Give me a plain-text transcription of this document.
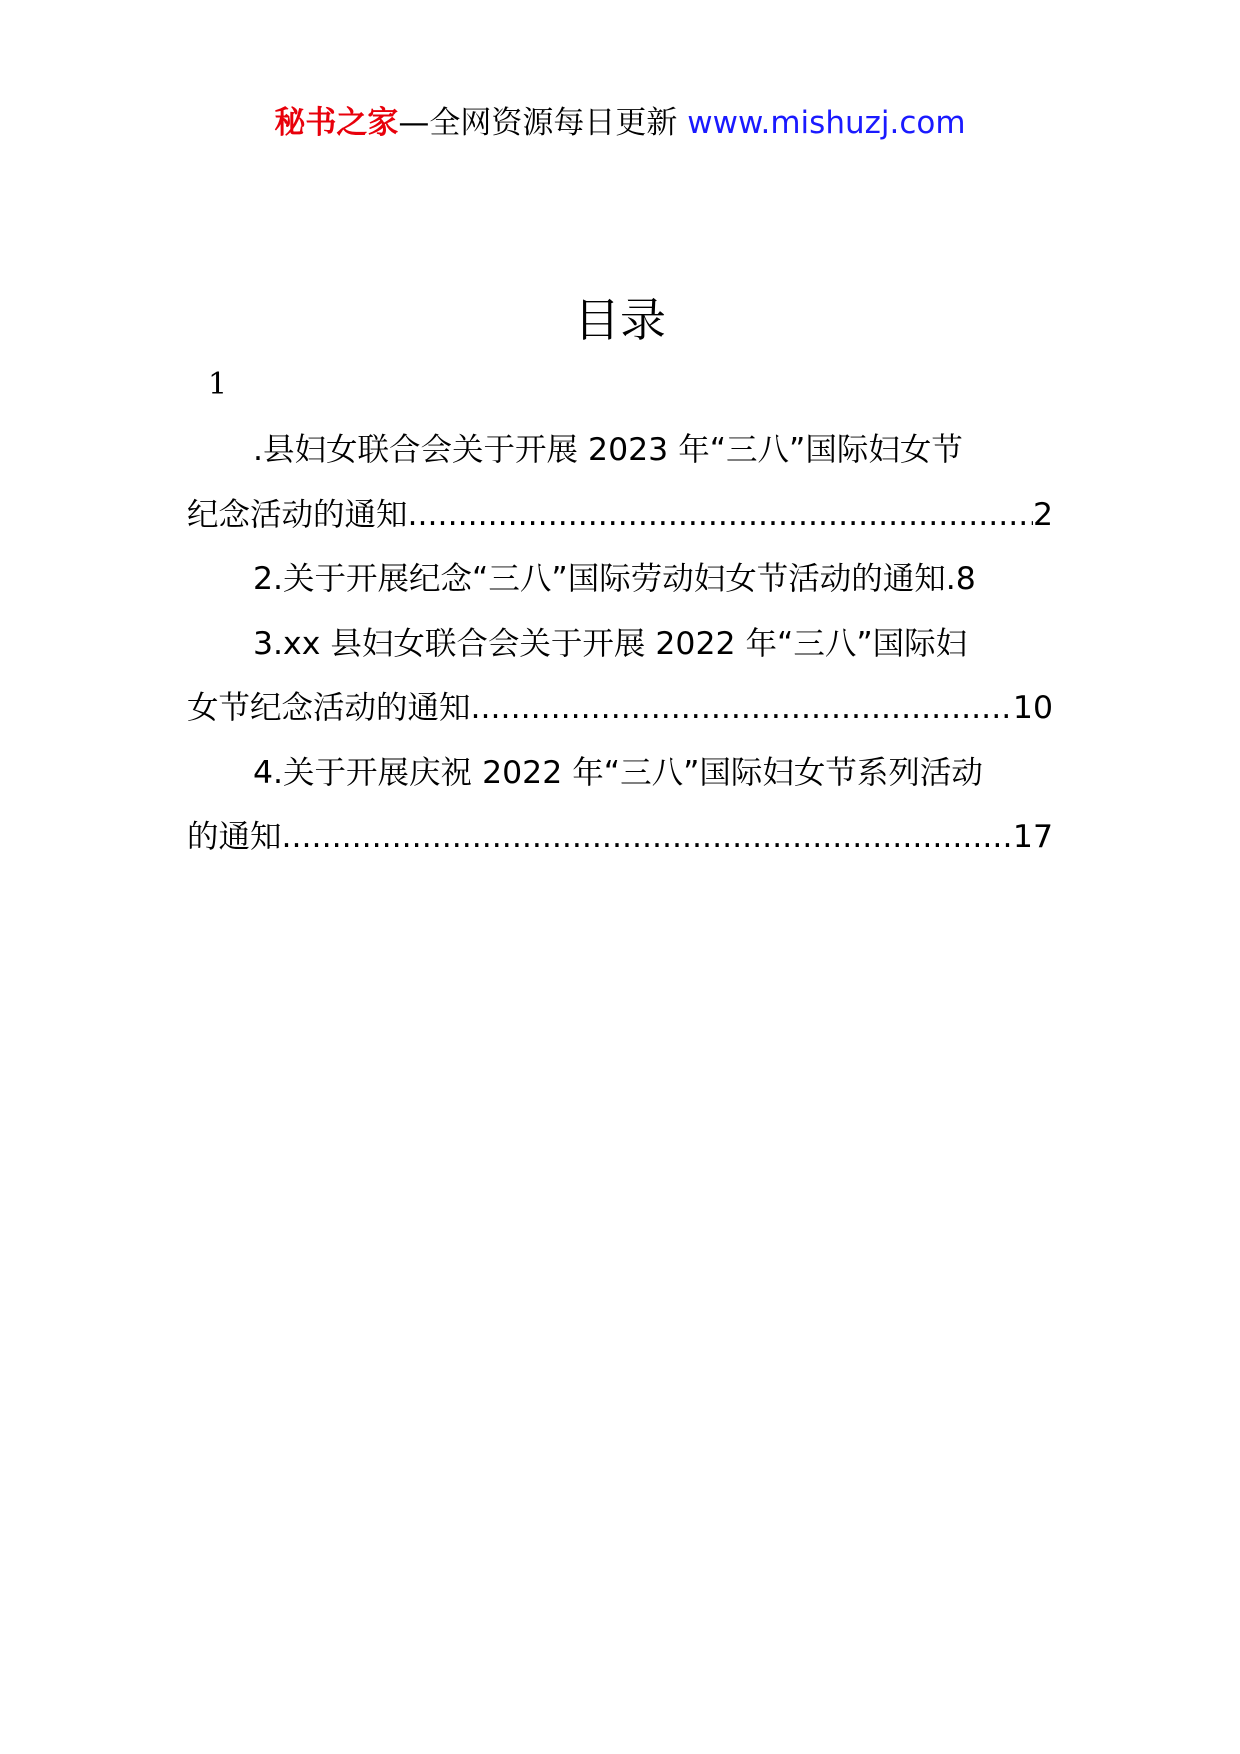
秘书之家—全网资源每日更新 www.mishuzj.com
目录
1
.县妇女联合会关于开展 2023 年“三八”国际妇女节
纪念活动的通知 .....	2
2.关于开展纪念“三八”国际劳动妇女节活动的通知. 8
3.xx 县妇女联合会关于开展 2022 年“三八”国际妇
女节纪念活动的通知 .....	10
4.关于开展庆祝 2022 年“三八”国际妇女节系列活动
的通知 .....	17
